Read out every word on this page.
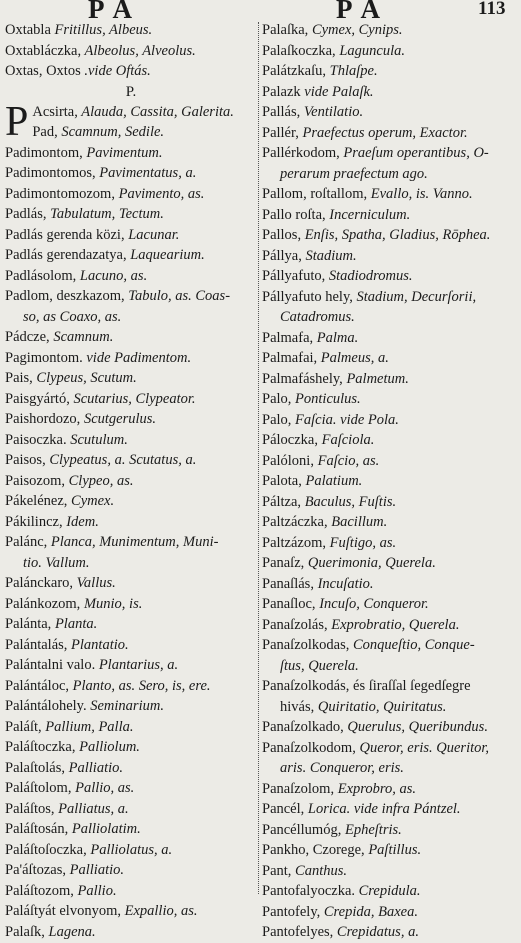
PA	PA	113
Oxtabla Fritillus, Albeus.
Oxtabláczka, Albeolus, Alveolus.
Oxtas, Oxtos .vide Oftás.
P.
P Acsirta, Alauda, Cassita, Galerita.
Pad, Scamnum, Sedile.
Padimontom, Pavimentum.
Padimontomos, Pavimentatus, a.
Padimontomozom, Pavimento, as.
Padlás, Tabulatum, Tectum.
Padlás gerenda közi, Lacunar.
Padlás gerendazatya, Laquearium.
Padlásolom, Lacuno, as.
Padlom, deszkazom, Tabulo, as. Coas-
so, as Coaxo, as.
Pádcze, Scamnum.
Pagimontom. vide Padimentom.
Pais, Clypeus, Scutum.
Paisgyártó, Scutarius, Clypeator.
Paishordozo, Scutgerulus.
Paisoczka. Scutulum.
Paisos, Clypeatus, a. Scutatus, a.
Paisozom, Clypeo, as.
Pákelénez, Cymex.
Pákilincz, Idem.
Palánc, Planca, Munimentum, Muni-
tio. Vallum.
Palánckaro, Vallus.
Palánkozom, Munio, is.
Palánta, Planta.
Palántalás, Plantatio.
Palántalni valo. Plantarius, a.
Palántáloc, Planto, as. Sero, is, ere.
Palántálohely. Seminarium.
Paláſt, Pallium, Palla.
Paláſtoczka, Palliolum.
Palaſtolás, Palliatio.
Paláſtolom, Pallio, as.
Paláſtos, Palliatus, a.
Paláſtosán, Palliolatim.
Paláſtoſoczka, Palliolatus, a.
Pa'áſtozas, Palliatio.
Paláſtozom, Pallio.
Paláſtyát elvonyom, Expallio, as.
Palaſk, Lagena.
Palaſka, Cymex, Cynips.
Palaſkoczka, Laguncula.
Palátzkaſu, Thlaſpe.
Palazk vide Palaſk.
Pallás, Ventilatio.
Pallér, Praefectus operum, Exactor.
Pallérkodom, Praeſum operantibus, O-
perarum praefectum ago.
Pallom, roſtallom, Evallo, is. Vanno.
Pallo roſta, Incerniculum.
Pallos, Enſis, Spatha, Gladius, Rōphea.
Pállya, Stadium.
Pállyafuto, Stadiodromus.
Pállyafuto hely, Stadium, Decurſorii,
Catadromus.
Palmafa, Palma.
Palmafai, Palmeus, a.
Palmafáshely, Palmetum.
Palo, Ponticulus.
Palo, Faſcia. vide Pola.
Páloczka, Faſciola.
Palóloni, Faſcio, as.
Palota, Palatium.
Páltza, Baculus, Fuſtis.
Paltzáczka, Bacillum.
Paltzázom, Fuſtigo, as.
Panaſz, Querimonia, Querela.
Panaſlás, Incuſatio.
Panaſloc, Incuſo, Conqueror.
Panaſzolás, Exprobratio, Querela.
Panaſzolkodas, Conqueſtio, Conque-
ſtus, Querela.
Panaſzolkodás, és ſiraſſal ſegedſegre
hivás, Quiritatio, Quiritatus.
Panaſzolkado, Querulus, Queribundus.
Panaſzolkodom, Queror, eris. Queritor,
aris. Conqueror, eris.
Panaſzolom, Exprobro, as.
Pancél, Lorica. vide infra Pántzel.
Pancéllumóg, Epheſtris.
Pankho, Czorege, Paſtillus.
Pant, Canthus.
Pantofalyoczka. Crepidula.
Pantofely, Crepida, Baxea.
Pantofelyes, Crepidatus, a.
